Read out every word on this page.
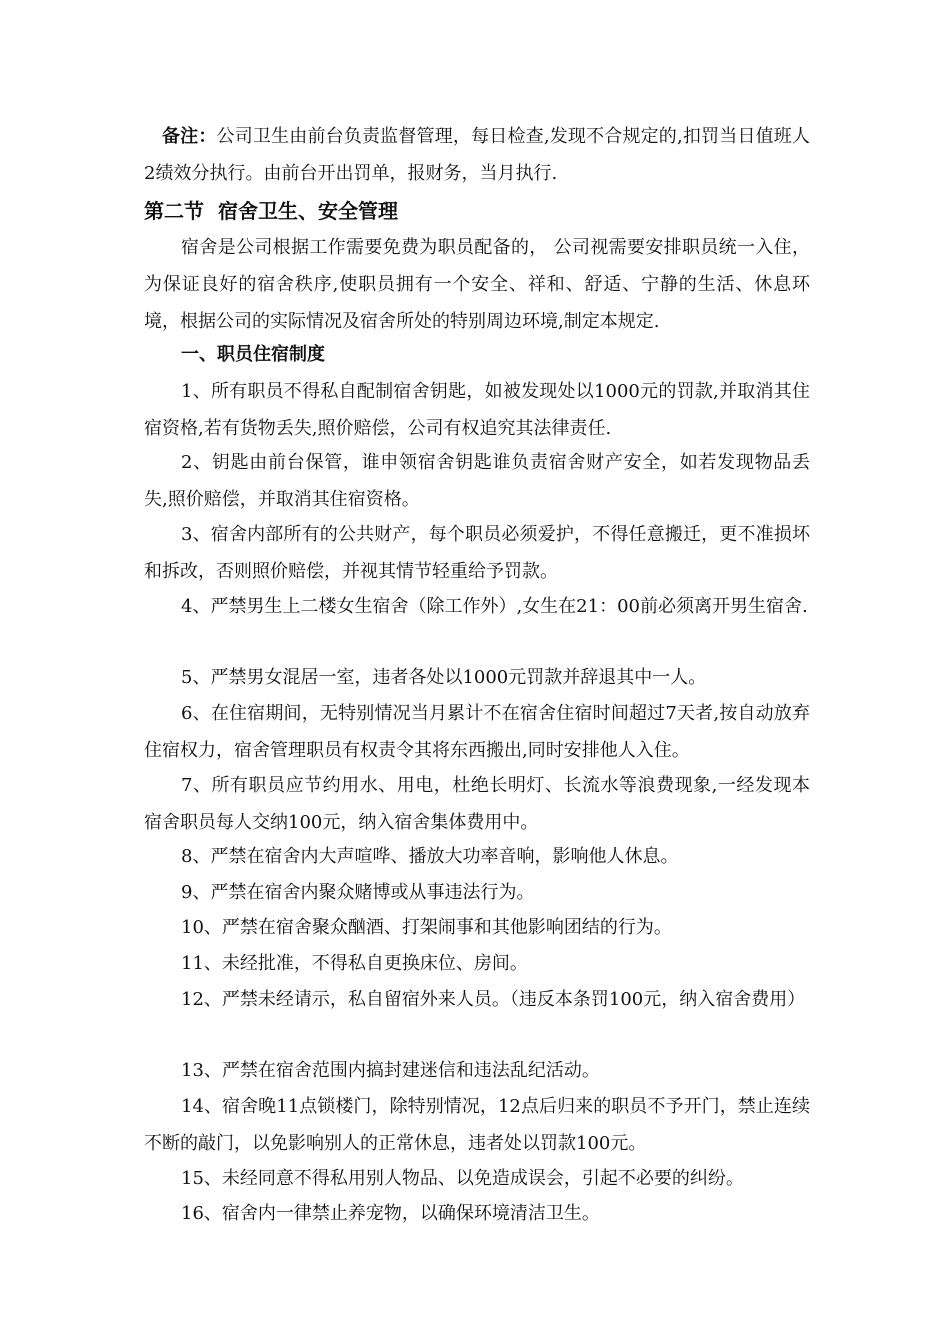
备注：公司卫生由前台负责监督管理，每日检查,发现不合规定的,扣罚当日值班人2绩效分执行。由前台开出罚单，报财务，当月执行.

第二节 宿舍卫生、安全管理

宿舍是公司根据工作需要免费为职员配备的， 公司视需要安排职员统一入住，为保证良好的宿舍秩序,使职员拥有一个安全、祥和、舒适、宁静的生活、休息环境，根据公司的实际情况及宿舍所处的特别周边环境,制定本规定.

一、职员住宿制度

1、所有职员不得私自配制宿舍钥匙，如被发现处以1000元的罚款,并取消其住宿资格,若有货物丢失,照价赔偿，公司有权追究其法律责任.

2、钥匙由前台保管，谁申领宿舍钥匙谁负责宿舍财产安全，如若发现物品丢失,照价赔偿，并取消其住宿资格。

3、宿舍内部所有的公共财产，每个职员必须爱护，不得任意搬迁，更不准损坏和拆改，否则照价赔偿，并视其情节轻重给予罚款。

4、严禁男生上二楼女生宿舍（除工作外）,女生在21：00前必须离开男生宿舍.

5、严禁男女混居一室，违者各处以1000元罚款并辞退其中一人。

6、在住宿期间，无特别情况当月累计不在宿舍住宿时间超过7天者,按自动放弃住宿权力，宿舍管理职员有权责令其将东西搬出,同时安排他人入住。

7、所有职员应节约用水、用电，杜绝长明灯、长流水等浪费现象,一经发现本宿舍职员每人交纳100元，纳入宿舍集体费用中。

8、严禁在宿舍内大声喧哗、播放大功率音响，影响他人休息。

9、严禁在宿舍内聚众赌博或从事违法行为。

10、严禁在宿舍聚众酗酒、打架闹事和其他影响团结的行为。

11、未经批准，不得私自更换床位、房间。

12、严禁未经请示，私自留宿外来人员。（违反本条罚100元，纳入宿舍费用）

13、严禁在宿舍范围内搞封建迷信和违法乱纪活动。

14、宿舍晚11点锁楼门，除特别情况，12点后归来的职员不予开门，禁止连续不断的敲门，以免影响别人的正常休息，违者处以罚款100元。

15、未经同意不得私用别人物品、以免造成误会，引起不必要的纠纷。

16、宿舍内一律禁止养宠物，以确保环境清洁卫生。
